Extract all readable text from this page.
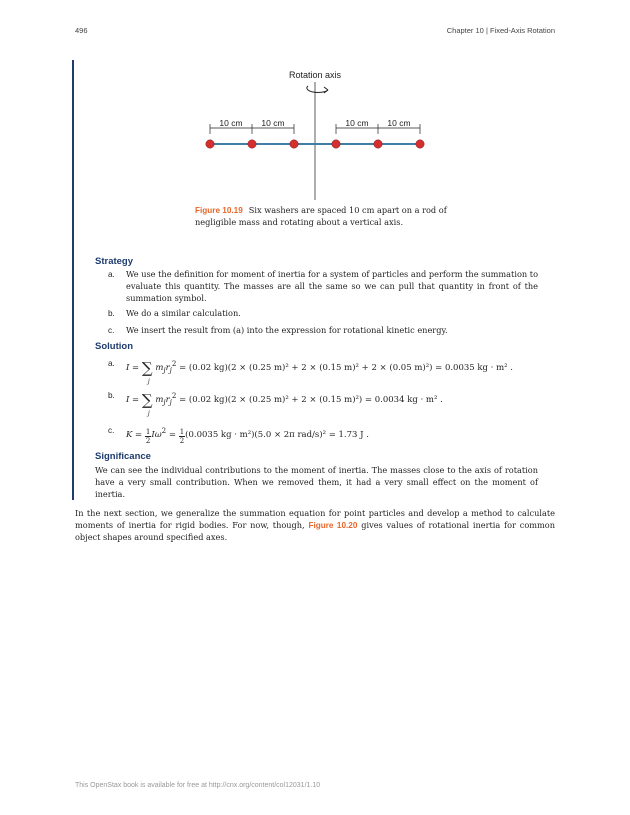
496	Chapter 10 | Fixed-Axis Rotation
Rotation axis
10 cm 10 cm	10 cm 10 cm
Figure 10.19 Six washers are spaced 10 cm apart on a rod of negligible mass and rotating about a vertical axis.
Strategy
a. We use the definition for moment of inertia for a system of particles and perform the summation to evaluate this quantity. The masses are all the same so we can pull that quantity in front of the summation symbol.
b. We do a similar calculation.
c. We insert the result from (a) into the expression for rotational kinetic energy.
Solution
a. I = ∑
j
$m_jr_j^2 = (0.02$ kg)(2 × (0.25 m)² + 2 × (0.15 m)² + 2 × (0.05 m)²) = 0.0035 kg · m² .
b. I = ∑
j
$m_jr_j^2 = (0.02$ kg)(2 × (0.25 m)² + 2 × (0.15 m)²) = 0.0034 kg · m² .
c. $K = \frac{1}{2} I\omega^2 = \frac{1}{2} (0.0035$ kg · m²)(5.0 × 2π rad/s)² = 1.73 J .
Significance
We can see the individual contributions to the moment of inertia. The masses close to the axis of rotation have a very small contribution. When we removed them, it had a very small effect on the moment of inertia.
In the next section, we generalize the summation equation for point particles and develop a method to calculate moments of inertia for rigid bodies. For now, though, Figure 10.20 gives values of rotational inertia for common object shapes around specified axes.
This OpenStax book is available for free at http://cnx.org/content/col12031/1.10
